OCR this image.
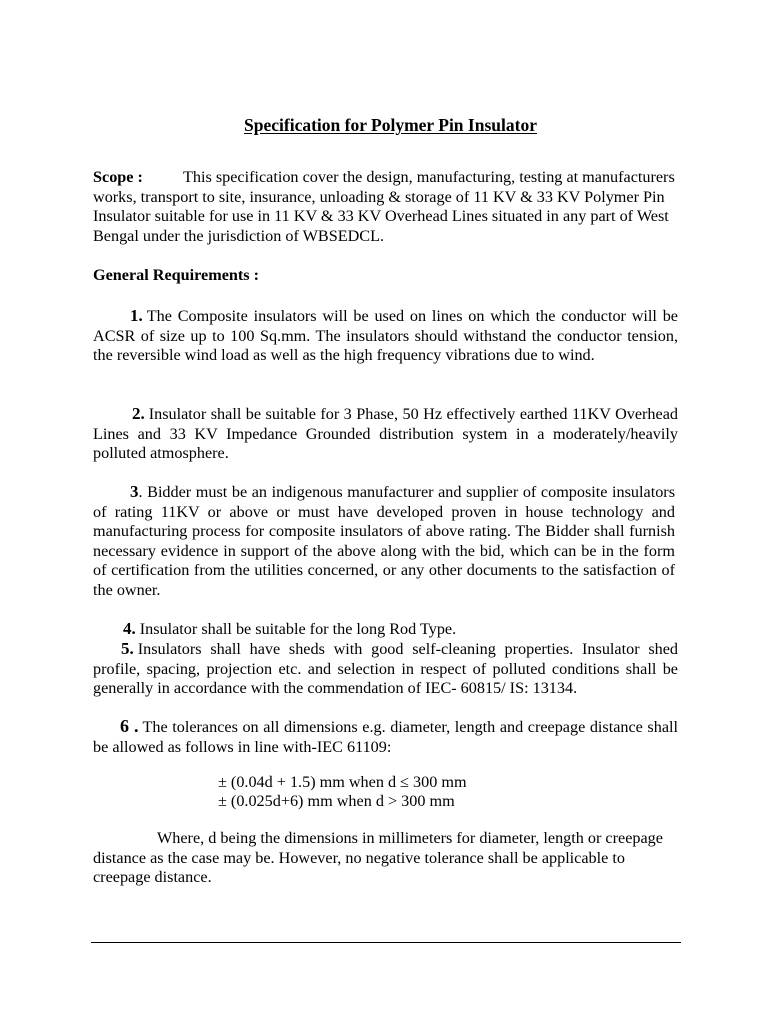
Specification for Polymer Pin Insulator

Scope : This specification cover the design, manufacturing, testing at manufacturers works, transport to site, insurance, unloading & storage of 11 KV & 33 KV Polymer Pin Insulator suitable for use in 11 KV & 33 KV Overhead Lines situated in any part of West Bengal under the jurisdiction of WBSEDCL.

General Requirements :

1. The Composite insulators will be used on lines on which the conductor will be ACSR of size up to 100 Sq.mm. The insulators should withstand the conductor tension, the reversible wind load as well as the high frequency vibrations due to wind.

2. Insulator shall be suitable for 3 Phase, 50 Hz effectively earthed 11KV Overhead Lines and 33 KV Impedance Grounded distribution system in a moderately/heavily polluted atmosphere.

3. Bidder must be an indigenous manufacturer and supplier of composite insulators of rating 11KV or above or must have developed proven in house technology and manufacturing process for composite insulators of above rating. The Bidder shall furnish necessary evidence in support of the above along with the bid, which can be in the form of certification from the utilities concerned, or any other documents to the satisfaction of the owner.

4. Insulator shall be suitable for the long Rod Type.

5. Insulators shall have sheds with good self-cleaning properties. Insulator shed profile, spacing, projection etc. and selection in respect of polluted conditions shall be generally in accordance with the commendation of IEC- 60815/ IS: 13134.

6 . The tolerances on all dimensions e.g. diameter, length and creepage distance shall be allowed as follows in line with-IEC 61109:

± (0.04d + 1.5) mm when d ≤ 300 mm

± (0.025d+6) mm when d > 300 mm

Where, d being the dimensions in millimeters for diameter, length or creepage distance as the case may be. However, no negative tolerance shall be applicable to creepage distance.
